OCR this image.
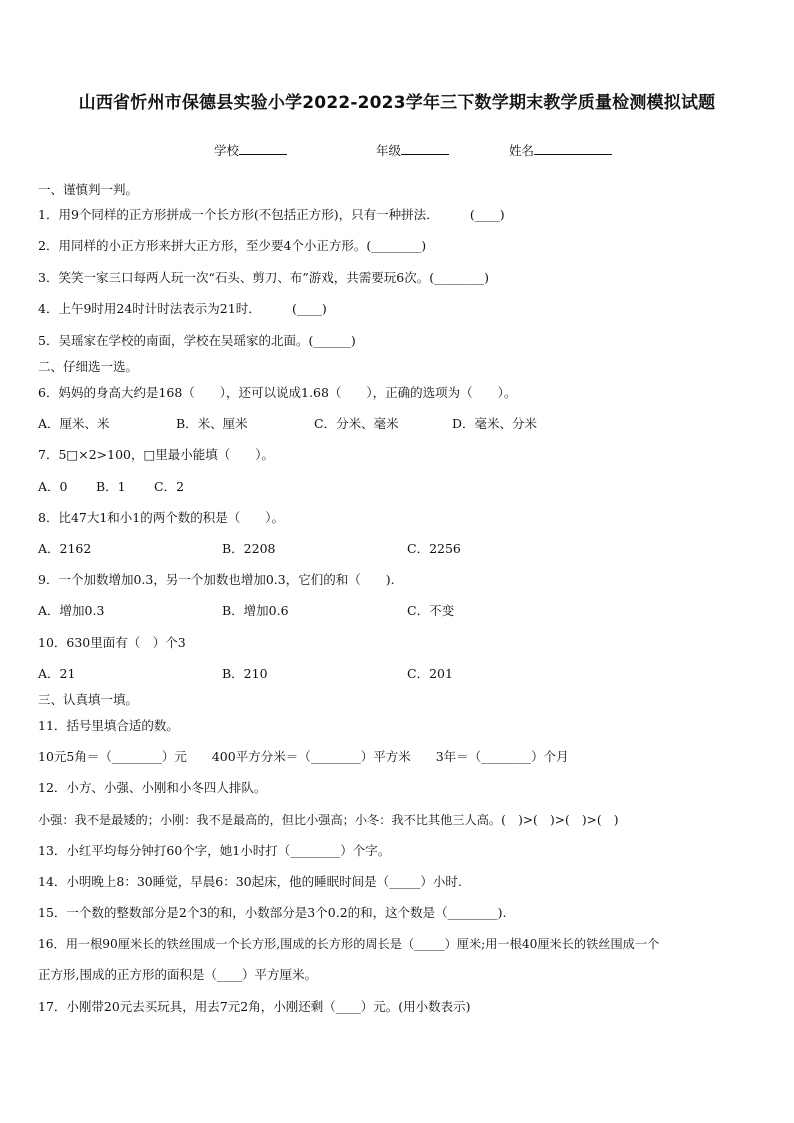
山西省忻州市保德县实验小学2022-2023学年三下数学期末教学质量检测模拟试题
学校	年级	姓名
一、谨慎判一判。
1．用9个同样的正方形拼成一个长方形(不包括正方形)，只有一种拼法．　　　(____)
2．用同样的小正方形来拼大正方形，至少要4个小正方形。(________)
3．笑笑一家三口每两人玩一次“石头、剪刀、布”游戏，共需要玩6次。(________)
4．上午9时用24时计时法表示为21时．　　　(____)
5．吴瑶家在学校的南面，学校在吴瑶家的北面。(______)
二、仔细选一选。
6．妈妈的身高大约是168（　　），还可以说成1.68（　　），正确的选项为（　　）。
A．厘米、米	B．米、厘米	C．分米、毫米	D．毫米、分米
7．5□×2>100，□里最小能填（　　）。
A．0 B．1 C．2
8．比47大1和小1的两个数的积是（　　）。
A．2162	B．2208	C．2256
9．一个加数增加0.3，另一个加数也增加0.3，它们的和（　　).
A．增加0.3	B．增加0.6	C．不变
10．630里面有（　）个3
A．21	B．210	C．201
三、认真填一填。
11．括号里填合适的数。
10元5角＝（________）元　　400平方分米＝（________）平方米　　3年＝（________）个月
12．小方、小强、小刚和小冬四人排队。
小强：我不是最矮的；小刚：我不是最高的，但比小强高；小冬：我不比其他三人高。(　)>(　)>(　)>(　)
13．小红平均每分钟打60个字，她1小时打（________）个字。
14．小明晚上8：30睡觉，早晨6：30起床，他的睡眠时间是（_____）小时.
15．一个数的整数部分是2个3的和，小数部分是3个0.2的和，这个数是（________).
16．用一根90厘米长的铁丝围成一个长方形,围成的长方形的周长是（_____）厘米;用一根40厘米长的铁丝围成一个
正方形,围成的正方形的面积是（____）平方厘米。
17．小刚带20元去买玩具，用去7元2角，小刚还剩（____）元。(用小数表示)
